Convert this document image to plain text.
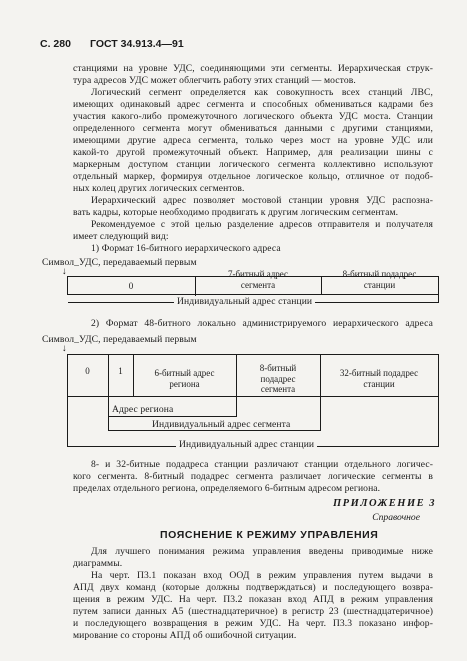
С. 280 ГОСТ 34.913.4—91
станциями на уровне УДС, соединяющими эти сегменты. Иерархическая струк-
тура адресов УДС может облегчить работу этих станций — мостов.
Логический сегмент определяется как совокупность всех станций ЛВС,
имеющих одинаковый адрес сегмента и способных обмениваться кадрами без
участия какого-либо промежуточного логического объекта УДС моста. Станции
определенного сегмента могут обмениваться данными с другими станциями,
имеющими другие адреса сегмента, только через мост на уровне УДС или
какой-то другой промежуточный объект. Например, для реализации шины с
маркерным доступом станции логического сегмента коллективно используют
отдельный маркер, формируя отдельное логическое кольцо, отличное от подоб-
ных колец других логических сегментов.
Иерархический адрес позволяет мостовой станции уровня УДС распозна-
вать кадры, которые необходимо продвигать к другим логическим сегментам.
Рекомендуемое с этой целью разделение адресов отправителя и получателя
имеет следующий вид:
1) Формат 16-битного иерархического адреса
Символ_УДС, передаваемый первым
↓
0
7-битный адрес
сегмента
8-битный подадрес
станции
Индивидуальный адрес станции
2) Формат 48-битного локально администрируемого иерархического адреса
Символ_УДС, передаваемый первым
↓
0	1	6-битный адрес
региона
8-битный
подадрес
сегмента
32-битный подадрес
станции
Адрес региона
Индивидуальный адрес сегмента
Индивидуальный адрес станции
8- и 32-битные подадреса станции различают станции отдельного логичес-
кого сегмента. 8-битный подадрес сегмента различает логические сегменты в
пределах отдельного региона, определяемого 6-битным адресом региона.
ПРИЛОЖЕНИЕ 3
Справочное
ПОЯСНЕНИЕ К РЕЖИМУ УПРАВЛЕНИЯ
Для лучшего понимания режима управления введены приводимые ниже
диаграммы.
На черт. П3.1 показан вход ООД в режим управления путем выдачи в
АПД двух команд (которые должны подтверждаться) и последующего возвра-
щения в режим УДС. На черт. П3.2 показан вход АПД в режим управления
путем записи данных А5 (шестнадцатеричное) в регистр 23 (шестнадцатеричное)
и последующего возвращения в режим УДС. На черт. П3.3 показано инфор-
мирование со стороны АПД об ошибочной ситуации.
